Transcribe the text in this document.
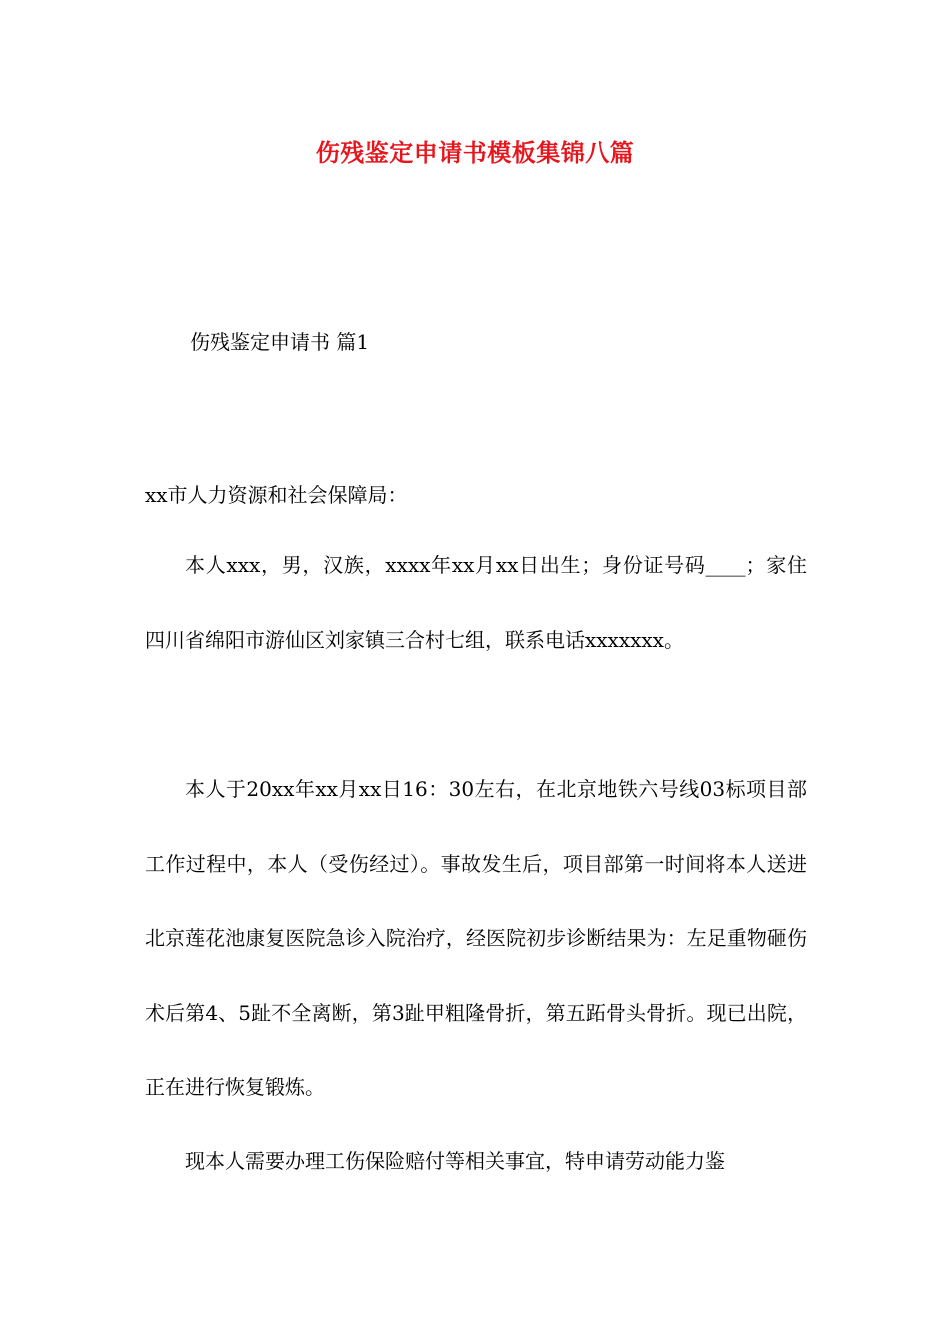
伤残鉴定申请书模板集锦八篇
伤残鉴定申请书 篇1
xx市人力资源和社会保障局：

本人xxx，男，汉族，xxxx年xx月xx日出生；身份证号码____；家住四川省绵阳市游仙区刘家镇三合村七组，联系电话xxxxxxx。

本人于20xx年xx月xx日16：30左右，在北京地铁六号线03标项目部工作过程中，本人（受伤经过）。事故发生后，项目部第一时间将本人送进北京莲花池康复医院急诊入院治疗，经医院初步诊断结果为：左足重物砸伤术后第4、5趾不全离断，第3趾甲粗隆骨折，第五跖骨头骨折。现已出院，正在进行恢复锻炼。

现本人需要办理工伤保险赔付等相关事宜，特申请劳动能力鉴
